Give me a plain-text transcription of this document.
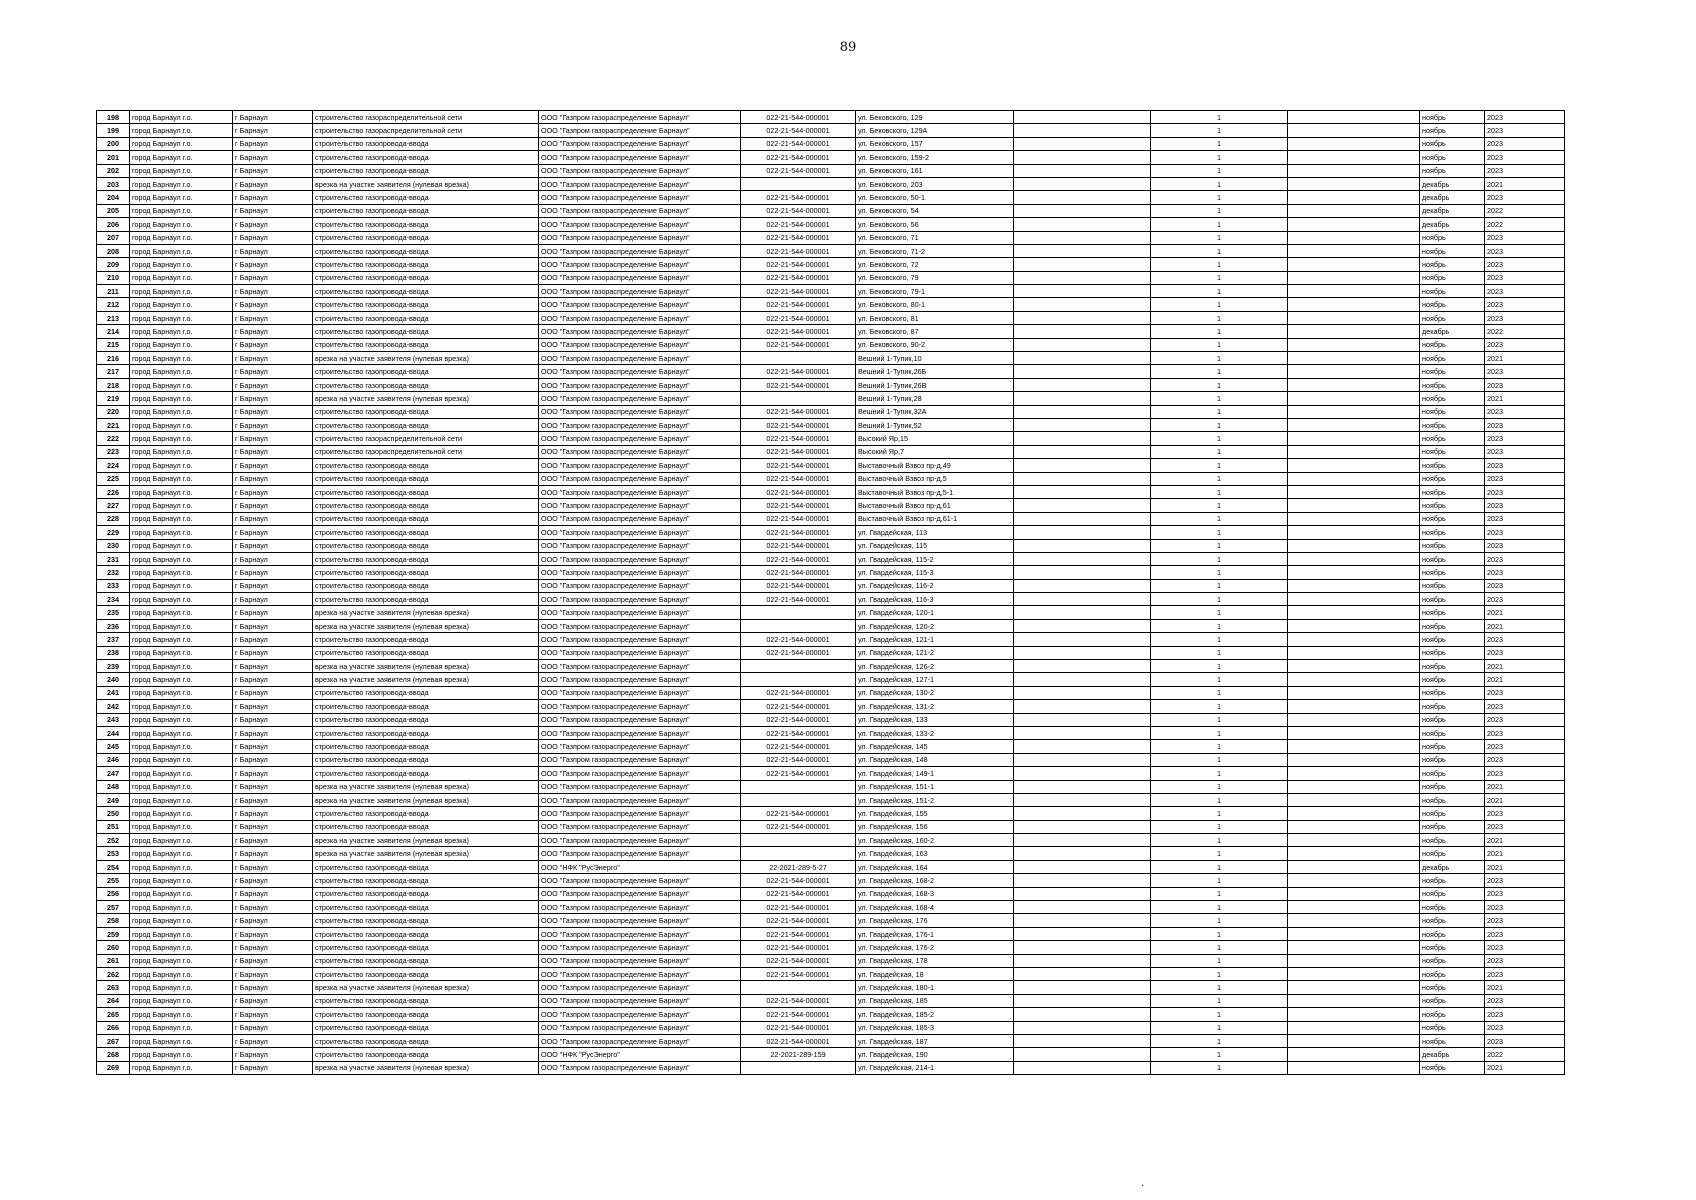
89
198	город Барнаул г.о.	г Барнаул	строительство газораспределительной сети	ООО "Газпром газораспределение Барнаул"	022-21-544-000001	ул. Бековского, 129		1		ноябрь	2023
199	город Барнаул г.о.	г Барнаул	строительство газораспределительной сети	ООО "Газпром газораспределение Барнаул"	022-21-544-000001	ул. Бековского, 129А		1		ноябрь	2023
200	город Барнаул г.о.	г Барнаул	строительство газопровода-ввода	ООО "Газпром газораспределение Барнаул"	022-21-544-000001	ул. Бековского, 157		1		ноябрь	2023
201	город Барнаул г.о.	г Барнаул	строительство газопровода-ввода	ООО "Газпром газораспределение Барнаул"	022-21-544-000001	ул. Бековского, 159-2		1		ноябрь	2023
202	город Барнаул г.о.	г Барнаул	строительство газопровода-ввода	ООО "Газпром газораспределение Барнаул"	022-21-544-000001	ул. Бековского, 161		1		ноябрь	2023
203	город Барнаул г.о.	г Барнаул	врезка на участке заявителя (нулевая врезка)	ООО "Газпром газораспределение Барнаул"		ул. Бековского, 203		1		декабрь	2021
204	город Барнаул г.о.	г Барнаул	строительство газопровода-ввода	ООО "Газпром газораспределение Барнаул"	022-21-544-000001	ул. Бековского, 50-1		1		декабрь	2023
205	город Барнаул г.о.	г Барнаул	строительство газопровода-ввода	ООО "Газпром газораспределение Барнаул"	022-21-544-000001	ул. Бековского, 54		1		декабрь	2022
206	город Барнаул г.о.	г Барнаул	строительство газопровода-ввода	ООО "Газпром газораспределение Барнаул"	022-21-544-000001	ул. Бековского, 56		1		декабрь	2022
207	город Барнаул г.о.	г Барнаул	строительство газопровода-ввода	ООО "Газпром газораспределение Барнаул"	022-21-544-000001	ул. Бековского, 71		1		ноябрь	2023
208	город Барнаул г.о.	г Барнаул	строительство газопровода-ввода	ООО "Газпром газораспределение Барнаул"	022-21-544-000001	ул. Бековского, 71-2		1		ноябрь	2023
209	город Барнаул г.о.	г Барнаул	строительство газопровода-ввода	ООО "Газпром газораспределение Барнаул"	022-21-544-000001	ул. Бековского, 72		1		ноябрь	2023
210	город Барнаул г.о.	г Барнаул	строительство газопровода-ввода	ООО "Газпром газораспределение Барнаул"	022-21-544-000001	ул. Бековского, 79		1		ноябрь	2023
211	город Барнаул г.о.	г Барнаул	строительство газопровода-ввода	ООО "Газпром газораспределение Барнаул"	022-21-544-000001	ул. Бековского, 79-1		1		ноябрь	2023
212	город Барнаул г.о.	г Барнаул	строительство газопровода-ввода	ООО "Газпром газораспределение Барнаул"	022-21-544-000001	ул. Бековского, 80-1		1		ноябрь	2023
213	город Барнаул г.о.	г Барнаул	строительство газопровода-ввода	ООО "Газпром газораспределение Барнаул"	022-21-544-000001	ул. Бековского, 81		1		ноябрь	2023
214	город Барнаул г.о.	г Барнаул	строительство газопровода-ввода	ООО "Газпром газораспределение Барнаул"	022-21-544-000001	ул. Бековского, 87		1		декабрь	2022
215	город Барнаул г.о.	г Барнаул	строительство газопровода-ввода	ООО "Газпром газораспределение Барнаул"	022-21-544-000001	ул. Бековского, 90-2		1		ноябрь	2023
216	город Барнаул г.о.	г Барнаул	врезка на участке заявителя (нулевая врезка)	ООО "Газпром газораспределение Барнаул"		Вешний 1-Тупик,10		1		ноябрь	2021
217	город Барнаул г.о.	г Барнаул	строительство газопровода-ввода	ООО "Газпром газораспределение Барнаул"	022-21-544-000001	Вешний 1-Тупик,26Б		1		ноябрь	2023
218	город Барнаул г.о.	г Барнаул	строительство газопровода-ввода	ООО "Газпром газораспределение Барнаул"	022-21-544-000001	Вешний 1-Тупик,26В		1		ноябрь	2023
219	город Барнаул г.о.	г Барнаул	врезка на участке заявителя (нулевая врезка)	ООО "Газпром газораспределение Барнаул"		Вешний 1-Тупик,28		1		ноябрь	2021
220	город Барнаул г.о.	г Барнаул	строительство газопровода-ввода	ООО "Газпром газораспределение Барнаул"	022-21-544-000001	Вешний 1-Тупик,32А		1		ноябрь	2023
221	город Барнаул г.о.	г Барнаул	строительство газопровода-ввода	ООО "Газпром газораспределение Барнаул"	022-21-544-000001	Вешний 1-Тупик,52		1		ноябрь	2023
222	город Барнаул г.о.	г Барнаул	строительство газораспределительной сети	ООО "Газпром газораспределение Барнаул"	022-21-544-000001	Высокий Яр,15		1		ноябрь	2023
223	город Барнаул г.о.	г Барнаул	строительство газораспределительной сети	ООО "Газпром газораспределение Барнаул"	022-21-544-000001	Высокий Яр,7		1		ноябрь	2023
224	город Барнаул г.о.	г Барнаул	строительство газопровода-ввода	ООО "Газпром газораспределение Барнаул"	022-21-544-000001	Выставочный Взвоз пр-д,49		1		ноябрь	2023
225	город Барнаул г.о.	г Барнаул	строительство газопровода-ввода	ООО "Газпром газораспределение Барнаул"	022-21-544-000001	Выставочный Взвоз пр-д,5		1		ноябрь	2023
226	город Барнаул г.о.	г Барнаул	строительство газопровода-ввода	ООО "Газпром газораспределение Барнаул"	022-21-544-000001	Выставочный Взвоз пр-д,5-1		1		ноябрь	2023
227	город Барнаул г.о.	г Барнаул	строительство газопровода-ввода	ООО "Газпром газораспределение Барнаул"	022-21-544-000001	Выставочный Взвоз пр-д,61		1		ноябрь	2023
228	город Барнаул г.о.	г Барнаул	строительство газопровода-ввода	ООО "Газпром газораспределение Барнаул"	022-21-544-000001	Выставочный Взвоз пр-д,61-1		1		ноябрь	2023
229	город Барнаул г.о.	г Барнаул	строительство газопровода-ввода	ООО "Газпром газораспределение Барнаул"	022-21-544-000001	ул. Гвардейская, 113		1		ноябрь	2023
230	город Барнаул г.о.	г Барнаул	строительство газопровода-ввода	ООО "Газпром газораспределение Барнаул"	022-21-544-000001	ул. Гвардейская, 115		1		ноябрь	2023
231	город Барнаул г.о.	г Барнаул	строительство газопровода-ввода	ООО "Газпром газораспределение Барнаул"	022-21-544-000001	ул. Гвардейская, 115-2		1		ноябрь	2023
232	город Барнаул г.о.	г Барнаул	строительство газопровода-ввода	ООО "Газпром газораспределение Барнаул"	022-21-544-000001	ул. Гвардейская, 115-3		1		ноябрь	2023
233	город Барнаул г.о.	г Барнаул	строительство газопровода-ввода	ООО "Газпром газораспределение Барнаул"	022-21-544-000001	ул. Гвардейская, 116-2		1		ноябрь	2023
234	город Барнаул г.о.	г Барнаул	строительство газопровода-ввода	ООО "Газпром газораспределение Барнаул"	022-21-544-000001	ул. Гвардейская, 116-3		1		ноябрь	2023
235	город Барнаул г.о.	г Барнаул	врезка на участке заявителя (нулевая врезка)	ООО "Газпром газораспределение Барнаул"		ул. Гвардейская, 120-1		1		ноябрь	2021
236	город Барнаул г.о.	г Барнаул	врезка на участке заявителя (нулевая врезка)	ООО "Газпром газораспределение Барнаул"		ул. Гвардейская, 120-2		1		ноябрь	2021
237	город Барнаул г.о.	г Барнаул	строительство газопровода-ввода	ООО "Газпром газораспределение Барнаул"	022-21-544-000001	ул. Гвардейская, 121-1		1		ноябрь	2023
238	город Барнаул г.о.	г Барнаул	строительство газопровода-ввода	ООО "Газпром газораспределение Барнаул"	022-21-544-000001	ул. Гвардейская, 121-2		1		ноябрь	2023
239	город Барнаул г.о.	г Барнаул	врезка на участке заявителя (нулевая врезка)	ООО "Газпром газораспределение Барнаул"		ул. Гвардейская, 126-2		1		ноябрь	2021
240	город Барнаул г.о.	г Барнаул	врезка на участке заявителя (нулевая врезка)	ООО "Газпром газораспределение Барнаул"		ул. Гвардейская, 127-1		1		ноябрь	2021
241	город Барнаул г.о.	г Барнаул	строительство газопровода-ввода	ООО "Газпром газораспределение Барнаул"	022-21-544-000001	ул. Гвардейская, 130-2		1		ноябрь	2023
242	город Барнаул г.о.	г Барнаул	строительство газопровода-ввода	ООО "Газпром газораспределение Барнаул"	022-21-544-000001	ул. Гвардейская, 131-2		1		ноябрь	2023
243	город Барнаул г.о.	г Барнаул	строительство газопровода-ввода	ООО "Газпром газораспределение Барнаул"	022-21-544-000001	ул. Гвардейская, 133		1		ноябрь	2023
244	город Барнаул г.о.	г Барнаул	строительство газопровода-ввода	ООО "Газпром газораспределение Барнаул"	022-21-544-000001	ул. Гвардейская, 133-2		1		ноябрь	2023
245	город Барнаул г.о.	г Барнаул	строительство газопровода-ввода	ООО "Газпром газораспределение Барнаул"	022-21-544-000001	ул. Гвардейская, 145		1		ноябрь	2023
246	город Барнаул г.о.	г Барнаул	строительство газопровода-ввода	ООО "Газпром газораспределение Барнаул"	022-21-544-000001	ул. Гвардейская, 148		1		ноябрь	2023
247	город Барнаул г.о.	г Барнаул	строительство газопровода-ввода	ООО "Газпром газораспределение Барнаул"	022-21-544-000001	ул. Гвардейская, 149-1		1		ноябрь	2023
248	город Барнаул г.о.	г Барнаул	врезка на участке заявителя (нулевая врезка)	ООО "Газпром газораспределение Барнаул"		ул. Гвардейская, 151-1		1		ноябрь	2021
249	город Барнаул г.о.	г Барнаул	врезка на участке заявителя (нулевая врезка)	ООО "Газпром газораспределение Барнаул"		ул. Гвардейская, 151-2		1		ноябрь	2021
250	город Барнаул г.о.	г Барнаул	строительство газопровода-ввода	ООО "Газпром газораспределение Барнаул"	022-21-544-000001	ул. Гвардейская, 155		1		ноябрь	2023
251	город Барнаул г.о.	г Барнаул	строительство газопровода-ввода	ООО "Газпром газораспределение Барнаул"	022-21-544-000001	ул. Гвардейская, 156		1		ноябрь	2023
252	город Барнаул г.о.	г Барнаул	врезка на участке заявителя (нулевая врезка)	ООО "Газпром газораспределение Барнаул"		ул. Гвардейская, 160-2		1		ноябрь	2021
253	город Барнаул г.о.	г Барнаул	врезка на участке заявителя (нулевая врезка)	ООО "Газпром газораспределение Барнаул"		ул. Гвардейская, 163		1		ноябрь	2021
254	город Барнаул г.о.	г Барнаул	строительство газопровода-ввода	ООО "НФК "РусЭнерго"	22-2021-289-5-27	ул. Гвардейская, 164		1		декабрь	2021
255	город Барнаул г.о.	г Барнаул	строительство газопровода-ввода	ООО "Газпром газораспределение Барнаул"	022-21-544-000001	ул. Гвардейская, 168-2		1		ноябрь	2023
256	город Барнаул г.о.	г Барнаул	строительство газопровода-ввода	ООО "Газпром газораспределение Барнаул"	022-21-544-000001	ул. Гвардейская, 168-3		1		ноябрь	2023
257	город Барнаул г.о.	г Барнаул	строительство газопровода-ввода	ООО "Газпром газораспределение Барнаул"	022-21-544-000001	ул. Гвардейская, 168-4		1		ноябрь	2023
258	город Барнаул г.о.	г Барнаул	строительство газопровода-ввода	ООО "Газпром газораспределение Барнаул"	022-21-544-000001	ул. Гвардейская, 176		1		ноябрь	2023
259	город Барнаул г.о.	г Барнаул	строительство газопровода-ввода	ООО "Газпром газораспределение Барнаул"	022-21-544-000001	ул. Гвардейская, 176-1		1		ноябрь	2023
260	город Барнаул г.о.	г Барнаул	строительство газопровода-ввода	ООО "Газпром газораспределение Барнаул"	022-21-544-000001	ул. Гвардейская, 176-2		1		ноябрь	2023
261	город Барнаул г.о.	г Барнаул	строительство газопровода-ввода	ООО "Газпром газораспределение Барнаул"	022-21-544-000001	ул. Гвардейская, 178		1		ноябрь	2023
262	город Барнаул г.о.	г Барнаул	строительство газопровода-ввода	ООО "Газпром газораспределение Барнаул"	022-21-544-000001	ул. Гвардейская, 18		1		ноябрь	2023
263	город Барнаул г.о.	г Барнаул	врезка на участке заявителя (нулевая врезка)	ООО "Газпром газораспределение Барнаул"		ул. Гвардейская, 180-1		1		ноябрь	2021
264	город Барнаул г.о.	г Барнаул	строительство газопровода-ввода	ООО "Газпром газораспределение Барнаул"	022-21-544-000001	ул. Гвардейская, 185		1		ноябрь	2023
265	город Барнаул г.о.	г Барнаул	строительство газопровода-ввода	ООО "Газпром газораспределение Барнаул"	022-21-544-000001	ул. Гвардейская, 185-2		1		ноябрь	2023
266	город Барнаул г.о.	г Барнаул	строительство газопровода-ввода	ООО "Газпром газораспределение Барнаул"	022-21-544-000001	ул. Гвардейская, 185-3		1		ноябрь	2023
267	город Барнаул г.о.	г Барнаул	строительство газопровода-ввода	ООО "Газпром газораспределение Барнаул"	022-21-544-000001	ул. Гвардейская, 187		1		ноябрь	2023
268	город Барнаул г.о.	г Барнаул	строительство газопровода-ввода	ООО "НФК "РусЭнерго"	22-2021-289-159	ул. Гвардейская, 190		1		декабрь	2022
269	город Барнаул г.о.	г Барнаул	врезка на участке заявителя (нулевая врезка)	ООО "Газпром газораспределение Барнаул"		ул. Гвардейская, 214-1		1		ноябрь	2021
.
